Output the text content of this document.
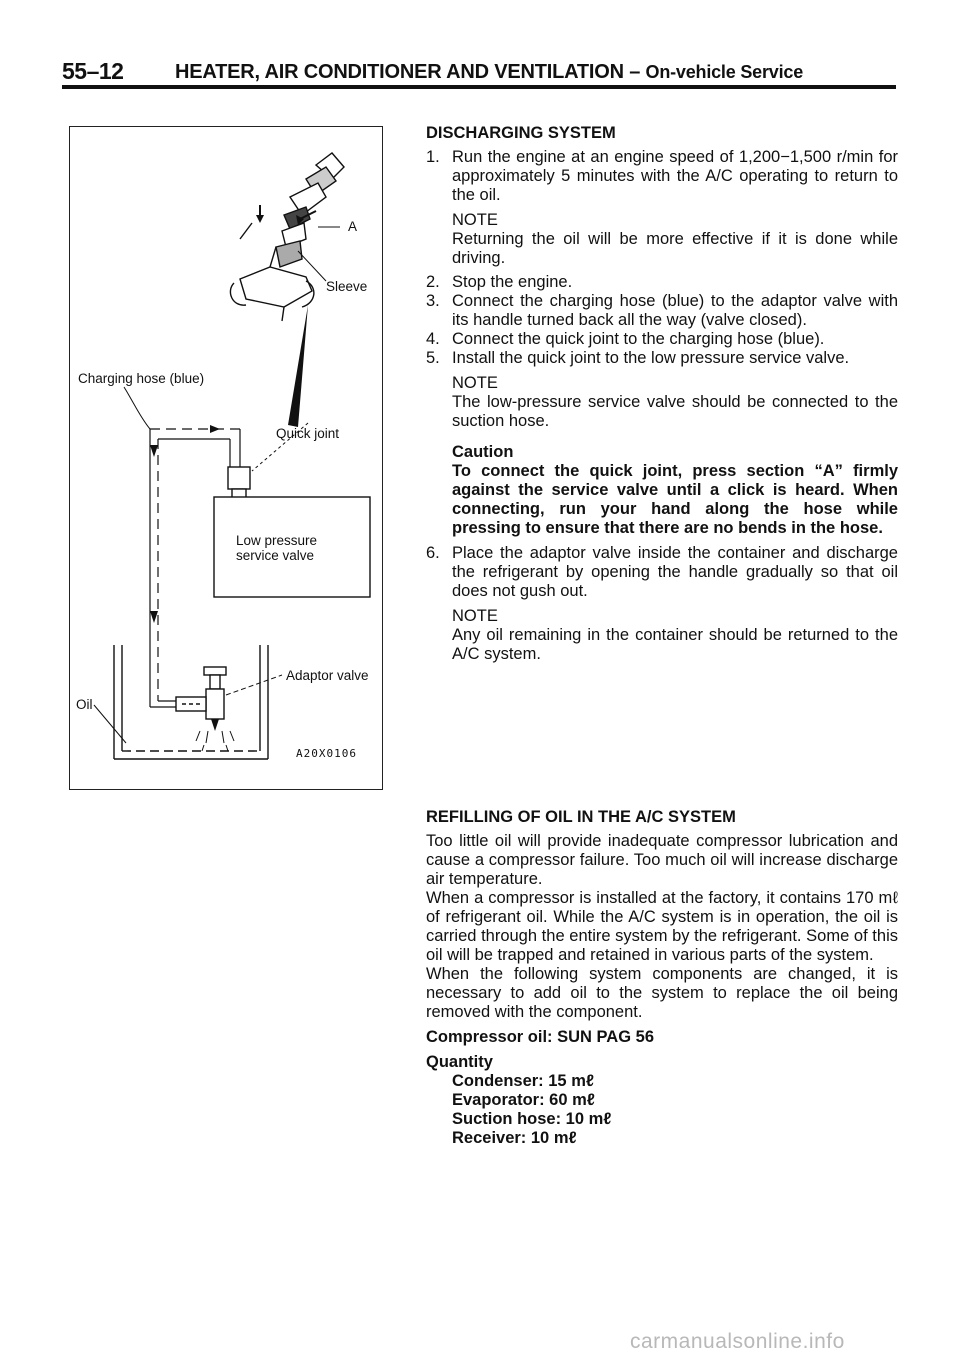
55–12	HEATER, AIR CONDITIONER AND VENTILATION – On-vehicle Service
A
Sleeve
Charging hose (blue)
Quick joint
Low pressure
service valve
Adaptor valve
Oil
A20X0106

DISCHARGING SYSTEM

1. Run the engine at an engine speed of 1,200−1,500 r/min for approximately 5 minutes with the A/C operating to return to the oil.

NOTE

Returning the oil will be more effective if it is done while driving.

2. Stop the engine.

3. Connect the charging hose (blue) to the adaptor valve with its handle turned back all the way (valve closed).

4. Connect the quick joint to the charging hose (blue).

5. Install the quick joint to the low pressure service valve.

NOTE

The low-pressure service valve should be connected to the suction hose.

Caution

To connect the quick joint, press section “A” firmly against the service valve until a click is heard. When connecting, run your hand along the hose while pressing to ensure that there are no bends in the hose.

6. Place the adaptor valve inside the container and discharge the refrigerant by opening the handle gradually so that oil does not gush out.

NOTE

Any oil remaining in the container should be returned to the A/C system.

REFILLING OF OIL IN THE A/C SYSTEM

Too little oil will provide inadequate compressor lubrication and cause a compressor failure. Too much oil will increase discharge air temperature.

When a compressor is installed at the factory, it contains 170 mℓ of refrigerant oil. While the A/C system is in operation, the oil is carried through the entire system by the refrigerant. Some of this oil will be trapped and retained in various parts of the system.

When the following system components are changed, it is necessary to add oil to the system to replace the oil being removed with the component.

Compressor oil: SUN PAG 56

Quantity

Condenser: 15 mℓ

Evaporator: 60 mℓ

Suction hose: 10 mℓ

Receiver: 10 mℓ

carmanualsonline.info
